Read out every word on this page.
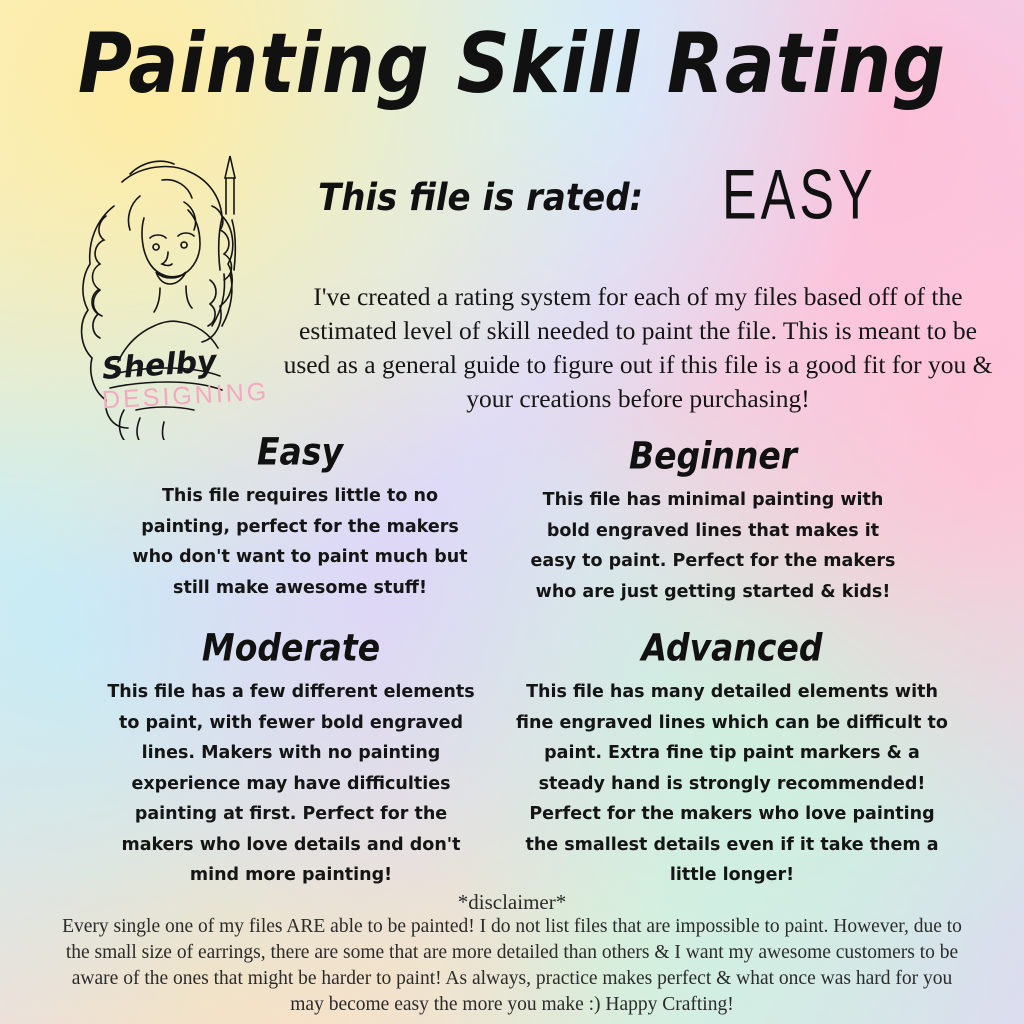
Painting Skill Rating
Shelby
DESIGNING
This file is rated: EASY
I've created a rating system for each of my files based off of the estimated level of skill needed to paint the file. This is meant to be used as a general guide to figure out if this file is a good fit for you & your creations before purchasing!
Easy
This file requires little to no painting, perfect for the makers who don't want to paint much but still make awesome stuff!
Beginner
This file has minimal painting with bold engraved lines that makes it easy to paint. Perfect for the makers who are just getting started & kids!
Moderate
This file has a few different elements to paint, with fewer bold engraved lines. Makers with no painting experience may have difficulties painting at first. Perfect for the makers who love details and don't mind more painting!
Advanced
This file has many detailed elements with fine engraved lines which can be difficult to paint. Extra fine tip paint markers & a steady hand is strongly recommended! Perfect for the makers who love painting the smallest details even if it take them a little longer!
*disclaimer*
Every single one of my files ARE able to be painted! I do not list files that are impossible to paint. However, due to the small size of earrings, there are some that are more detailed than others & I want my awesome customers to be aware of the ones that might be harder to paint! As always, practice makes perfect & what once was hard for you may become easy the more you make :) Happy Crafting!
